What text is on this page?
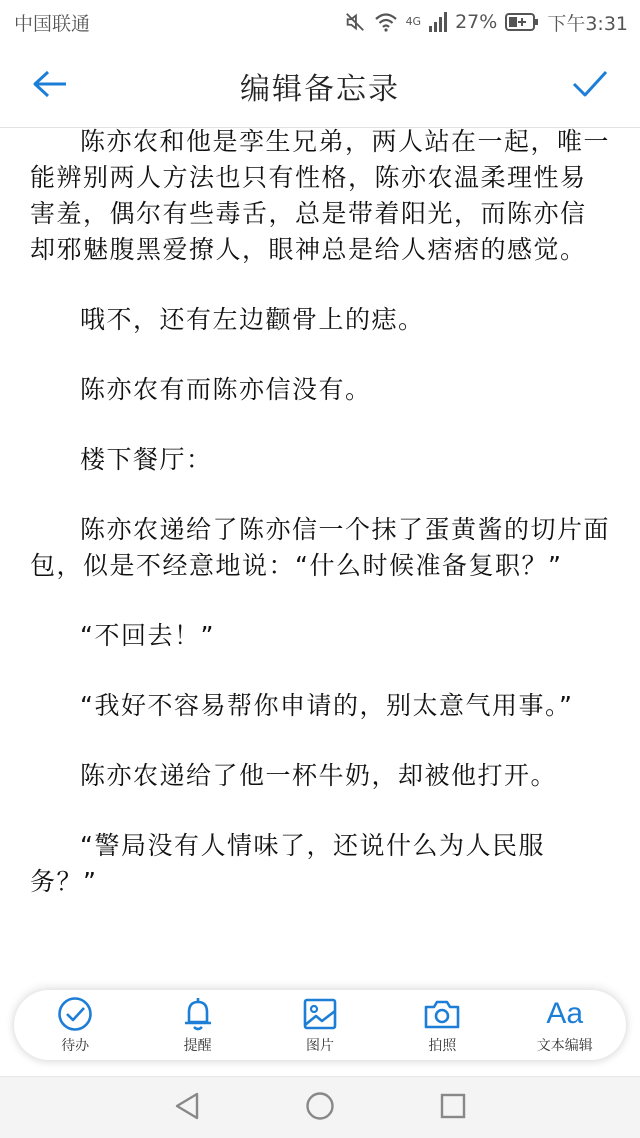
中国联通	4G 27%	下午3:31
编辑备忘录

陈亦农和他是孪生兄弟，两人站在一起，唯一能辨别两人方法也只有性格，陈亦农温柔理性易害羞，偶尔有些毒舌，总是带着阳光，而陈亦信却邪魅腹黑爱撩人，眼神总是给人痞痞的感觉。

哦不，还有左边颧骨上的痣。

陈亦农有而陈亦信没有。

楼下餐厅：

陈亦农递给了陈亦信一个抹了蛋黄酱的切片面包，似是不经意地说：“什么时候准备复职？”

“不回去！”

“我好不容易帮你申请的，别太意气用事。”

陈亦农递给了他一杯牛奶，却被他打开。

“警局没有人情味了，还说什么为人民服务？”

待办	提醒	图片	拍照
Aa
文本编辑
